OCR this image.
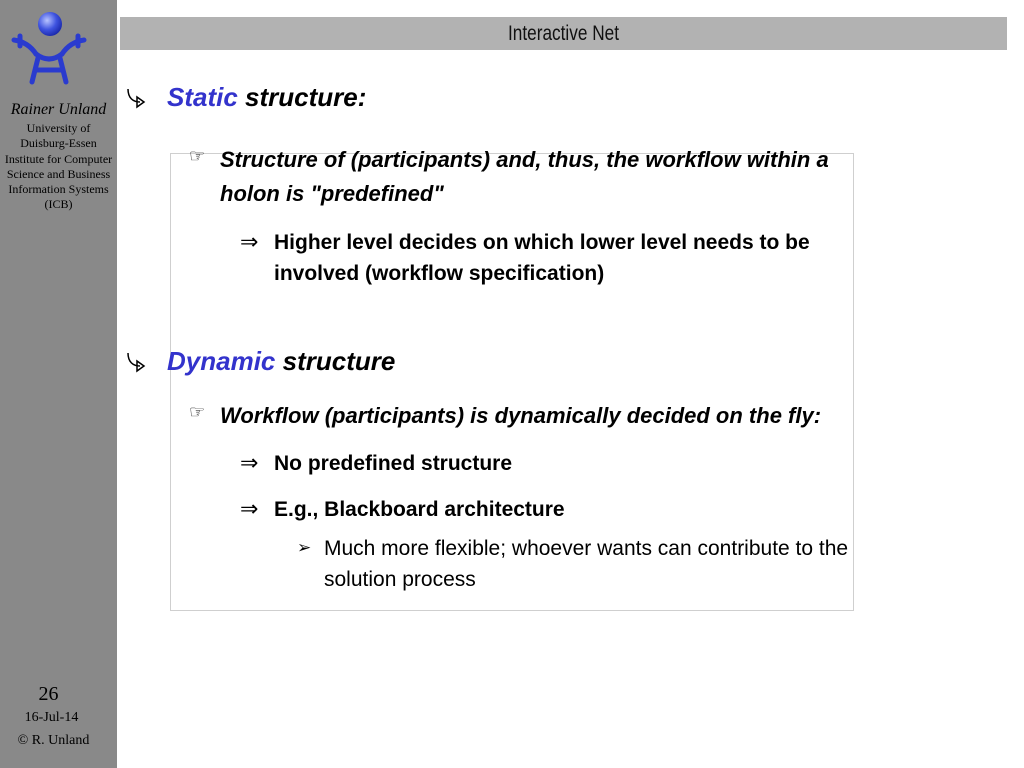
Rainer Unland
University of
Duisburg-Essen
Institute for Computer
Science and Business
Information Systems
(ICB)
26
16-Jul-14
© R. Unland
Interactive Net
Static structure:
☞ Structure of (participants) and, thus, the workflow within a
holon is "predefined"
⇒ Higher level decides on which lower level needs to be
involved (workflow specification)
Dynamic structure
☞ Workflow (participants) is dynamically decided on the fly:
⇒ No predefined structure
⇒ E.g., Blackboard architecture
➢ Much more flexible; whoever wants can contribute to the
solution process
